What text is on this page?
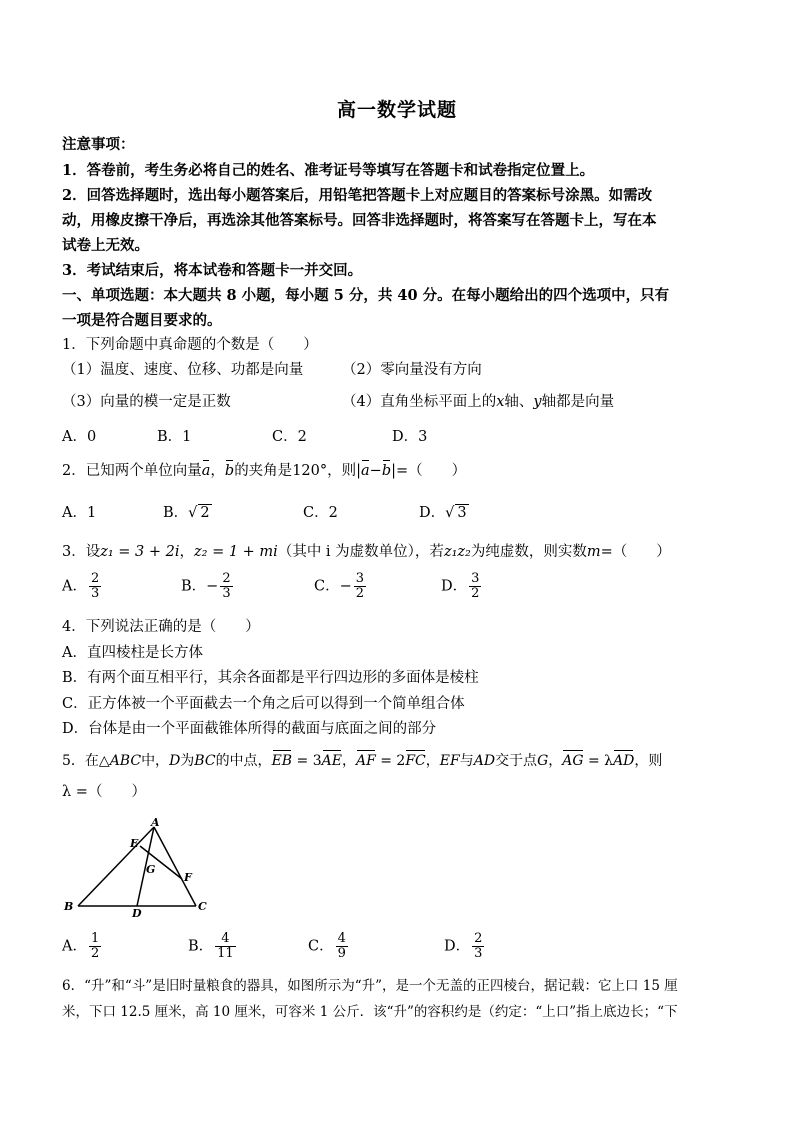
高一数学试题
注意事项：
1．答卷前，考生务必将自己的姓名、准考证号等填写在答题卡和试卷指定位置上。
2．回答选择题时，选出每小题答案后，用铅笔把答题卡上对应题目的答案标号涂黑。如需改
动，用橡皮擦干净后，再选涂其他答案标号。回答非选择题时，将答案写在答题卡上，写在本
试卷上无效。
3．考试结束后，将本试卷和答题卡一并交回。
一、单项选题：本大题共 8 小题，每小题 5 分，共 40 分。在每小题给出的四个选项中，只有
一项是符合题目要求的。
1．下列命题中真命题的个数是（　　）
（1）温度、速度、位移、功都是向量	（2）零向量没有方向
（3）向量的模一定是正数	（4）直角坐标平面上的x轴、y轴都是向量
A．0	B．1	C．2	D．3
2．已知两个单位向量a，b的夹角是120°，则|a−b|=（　　）
A．1	B．√ 2	C．2	D．√ 3
3．设z₁ = 3 + 2i，z₂ = 1 + mi（其中 i 为虚数单位），若z₁z₂为纯虚数，则实数m=（　　）
A． $\frac{2}{3}$	B．− $\frac{2}{3}$	C．− $\frac{3}{2}$	D． $\frac{3}{2}$
4．下列说法正确的是（　　）
A．直四棱柱是长方体
B．有两个面互相平行，其余各面都是平行四边形的多面体是棱柱
C．正方体被一个平面截去一个角之后可以得到一个简单组合体
D．台体是由一个平面截锥体所得的截面与底面之间的部分
5．在△ABC中，D为BC的中点，EB = 3AE，AF = 2FC，EF与AD交于点G，AG = λAD，则
λ =（　　）
A
B	C
D
E
F
G
A． $\frac{1}{2}$	B． $\frac{4}{11}$	C． $\frac{4}{9}$	D． $\frac{2}{3}$
6．“升”和“斗”是旧时量粮食的器具，如图所示为“升”，是一个无盖的正四棱台，据记载：它上口 15 厘
米，下口 12.5 厘米，高 10 厘米，可容米 1 公斤．该“升”的容积约是（约定：“上口”指上底边长；“下
